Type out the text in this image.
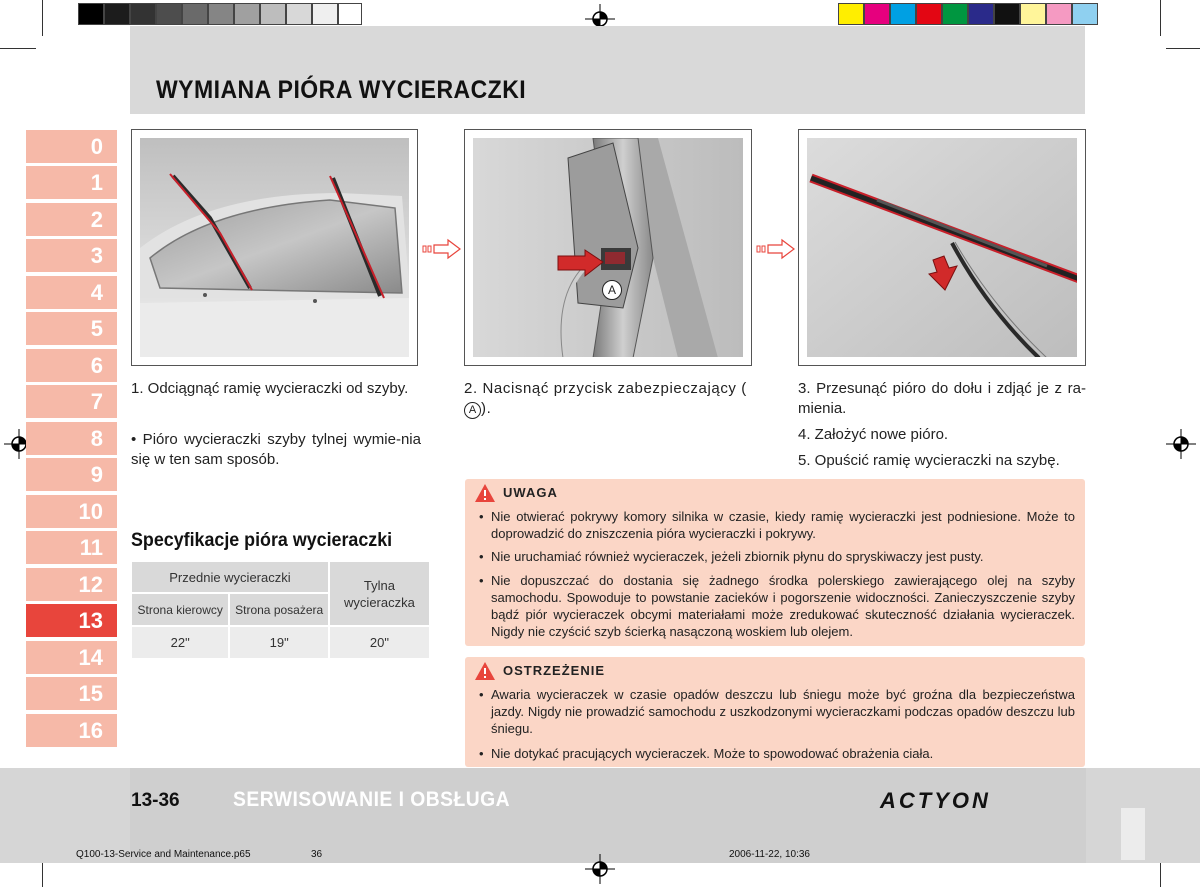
WYMIANA PIÓRA WYCIERACZKI
0
1
2
3
4
5
6
7
8
9
10
11
12
13
14
15
16
A
1. Odciągnąć ramię wycieraczki od szyby.
• Pióro wycieraczki szyby tylnej wymie-nia się w ten sam sposób.
2. Nacisnąć przycisk zabezpieczający (A ).
3. Przesunąć pióro do dołu i zdjąć je z ra-mienia.
4. Założyć nowe pióro.
5. Opuścić ramię wycieraczki na szybę.
Specyfikacje pióra wycieraczki
Przednie wycieraczki		Tylna wycieraczka
Strona kierowcy	Strona posażera	
22"	19"	20"
UWAGA
• Nie otwierać pokrywy komory silnika w czasie, kiedy ramię wycieraczki jest podniesione. Może to doprowadzić do zniszczenia pióra wycieraczki i pokrywy.
• Nie uruchamiać również wycieraczek, jeżeli zbiornik płynu do spryskiwaczy jest pusty.
• Nie dopuszczać do dostania się żadnego środka polerskiego zawierającego olej na szyby samochodu. Spowoduje to powstanie zacieków i pogorszenie widoczności. Zanieczyszczenie szyby bądź piór wycieraczek obcymi materiałami może zredukować skuteczność działania wycieraczek. Nigdy nie czyścić szyb ścierką nasączoną woskiem lub olejem.
OSTRZEŻENIE
• Awaria wycieraczek w czasie opadów deszczu lub śniegu może być groźna dla bezpieczeństwa jazdy. Nigdy nie prowadzić samochodu z uszkodzonymi wycieraczkami podczas opadów deszczu lub śniegu.
• Nie dotykać pracujących wycieraczek. Może to spowodować obrażenia ciała.
13-36	SERWISOWANIE I OBSŁUGA	ACTYON
Q100-13-Service and Maintenance.p65	36	2006-11-22, 10:36
